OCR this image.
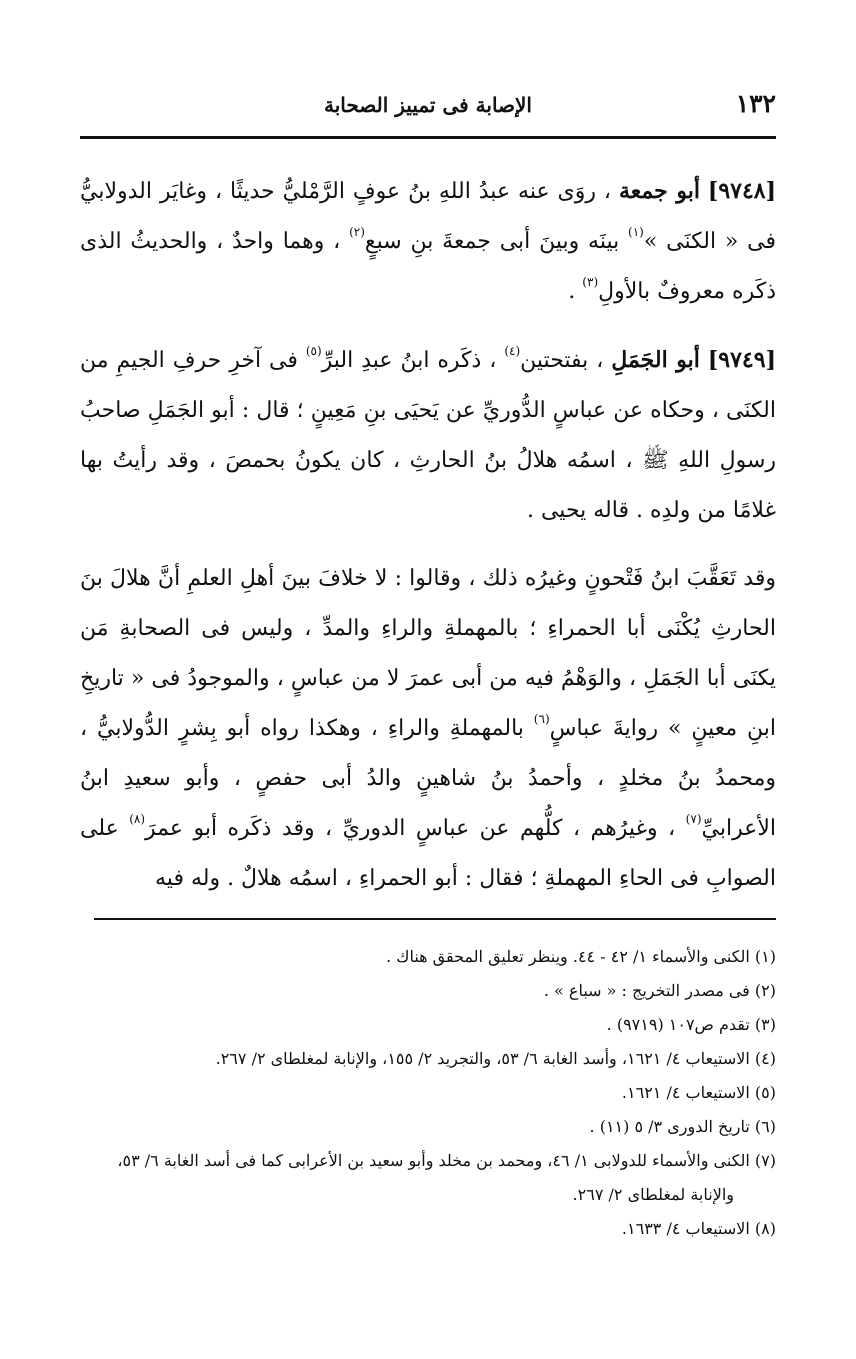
١٣٢
الإصابة فى تمييز الصحابة

[٩٧٤٨] أبو جمعة ، روَى عنه عبدُ اللهِ بنُ عوفٍ الرَّمْليُّ حديثًا ، وغايَر الدولابيُّ فى « الكنَى »$^{(١)}$ بينَه وبينَ أبى جمعةَ بنِ سبعٍ$^{(٢)}$ ، وهما واحدٌ ، والحديثُ الذى ذكَره معروفٌ بالأولِ$^{(٣)}$ .

[٩٧٤٩] أبو الجَمَلِ ، بفتحتين$^{(٤)}$ ، ذكَره ابنُ عبدِ البرِّ$^{(٥)}$ فى آخرِ حرفِ الجيمِ من الكنَى ، وحكاه عن عباسٍ الدُّوريِّ عن يَحيَى بنِ مَعِينٍ ؛ قال : أبو الجَمَلِ صاحبُ رسولِ اللهِ ﷺ ، اسمُه هلالُ بنُ الحارثِ ، كان يكونُ بحمصَ ، وقد رأيتُ بها غلامًا من ولدِه . قاله يحيى .

وقد تَعَقَّبَ ابنُ فَتْحونٍ وغيرُه ذلك ، وقالوا : لا خلافَ بينَ أهلِ العلمِ أنَّ هلالَ بنَ الحارثِ يُكْنَى أبا الحمراءِ ؛ بالمهملةِ والراءِ والمدِّ ، وليس فى الصحابةِ مَن يكنَى أبا الجَمَلِ ، والوَهْمُ فيه من أبى عمرَ لا من عباسٍ ، والموجودُ فى « تاريخِ ابنِ معينٍ » روايةَ عباسٍ$^{(٦)}$ بالمهملةِ والراءِ ، وهكذا رواه أبو بِشرٍ الدُّولابيُّ ، ومحمدُ بنُ مخلدٍ ، وأحمدُ بنُ شاهينٍ والدُ أبى حفصٍ ، وأبو سعيدِ ابنُ الأعرابيِّ$^{(٧)}$ ، وغيرُهم ، كلُّهم عن عباسٍ الدوريِّ ، وقد ذكَره أبو عمرَ$^{(٨)}$ على الصوابِ فى الحاءِ المهملةِ ؛ فقال : أبو الحمراءِ ، اسمُه هلالٌ . وله فيه

(١) الكنى والأسماء ١/ ٤٢ - ٤٤. وينظر تعليق المحقق هناك .

(٢) فى مصدر التخريج : « سباع » .

(٣) تقدم ص١٠٧ (٩٧١٩) .

(٤) الاستيعاب ٤/ ١٦٢١، وأسد الغابة ٦/ ٥٣، والتجريد ٢/ ١٥٥، والإنابة لمغلطاى ٢/ ٢٦٧.

(٥) الاستيعاب ٤/ ١٦٢١.

(٦) تاريخ الدورى ٣/ ٥ (١١) .

(٧) الكنى والأسماء للدولابى ١/ ٤٦، ومحمد بن مخلد وأبو سعيد بن الأعرابى كما فى أسد الغابة ٦/ ٥٣، والإنابة لمغلطاى ٢/ ٢٦٧.

(٨) الاستيعاب ٤/ ١٦٣٣.
